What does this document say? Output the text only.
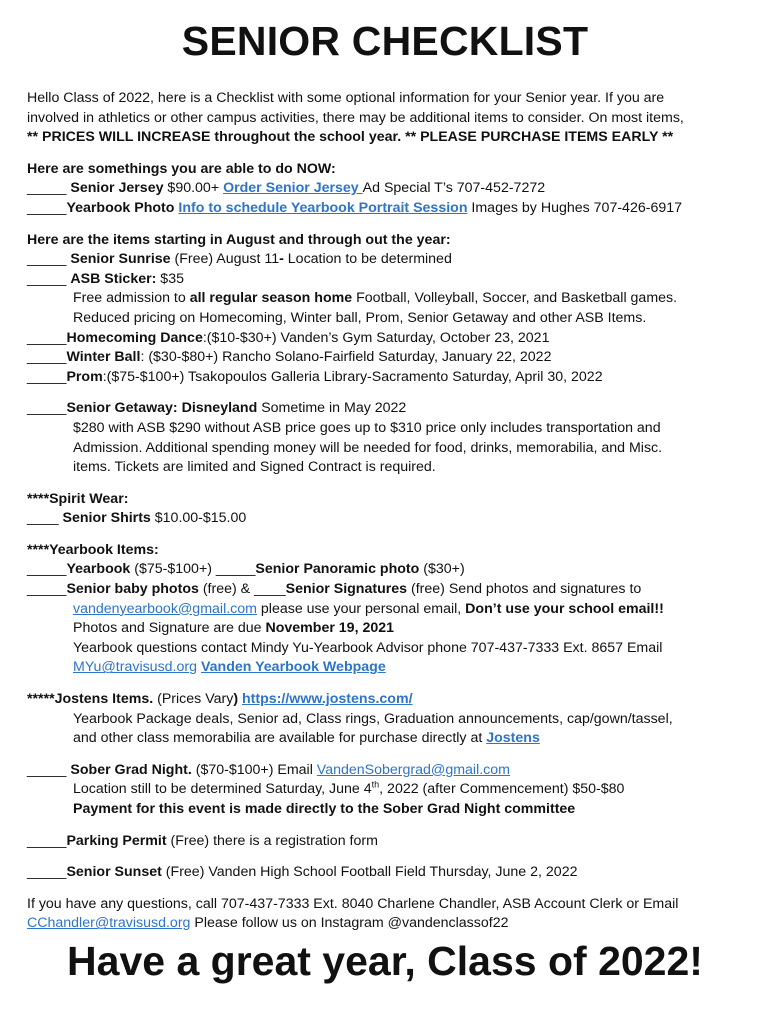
SENIOR CHECKLIST
Hello Class of 2022, here is a Checklist with some optional information for your Senior year. If you are
involved in athletics or other campus activities, there may be additional items to consider. On most items,
** PRICES WILL INCREASE throughout the school year. ** PLEASE PURCHASE ITEMS EARLY **
Here are somethings you are able to do NOW:
_____ Senior Jersey $90.00+ Order Senior Jersey Ad Special T’s 707-452-7272
_____Yearbook Photo Info to schedule Yearbook Portrait Session Images by Hughes 707-426-6917
Here are the items starting in August and through out the year:
_____ Senior Sunrise (Free) August 11- Location to be determined
_____ ASB Sticker: $35
Free admission to all regular season home Football, Volleyball, Soccer, and Basketball games.
Reduced pricing on Homecoming, Winter ball, Prom, Senior Getaway and other ASB Items.
_____Homecoming Dance:($10-$30+) Vanden’s Gym Saturday, October 23, 2021
_____Winter Ball: ($30-$80+) Rancho Solano-Fairfield Saturday, January 22, 2022
_____Prom:($75-$100+) Tsakopoulos Galleria Library-Sacramento Saturday, April 30, 2022
_____Senior Getaway: Disneyland Sometime in May 2022
$280 with ASB $290 without ASB price goes up to $310 price only includes transportation and
Admission. Additional spending money will be needed for food, drinks, memorabilia, and Misc.
items. Tickets are limited and Signed Contract is required.
****Spirit Wear:
____ Senior Shirts $10.00-$15.00
****Yearbook Items:
_____Yearbook ($75-$100+) _____Senior Panoramic photo ($30+)
_____Senior baby photos (free) & ____Senior Signatures (free) Send photos and signatures to
vandenyearbook@gmail.com please use your personal email, Don’t use your school email!!
Photos and Signature are due November 19, 2021
Yearbook questions contact Mindy Yu-Yearbook Advisor phone 707-437-7333 Ext. 8657 Email
MYu@travisusd.org Vanden Yearbook Webpage
*****Jostens Items. (Prices Vary) https://www.jostens.com/
Yearbook Package deals, Senior ad, Class rings, Graduation announcements, cap/gown/tassel,
and other class memorabilia are available for purchase directly at Jostens
_____ Sober Grad Night. ($70-$100+) Email VandenSobergrad@gmail.com
Location still to be determined Saturday, June 4th, 2022 (after Commencement) $50-$80
Payment for this event is made directly to the Sober Grad Night committee
_____Parking Permit (Free) there is a registration form
_____Senior Sunset (Free) Vanden High School Football Field Thursday, June 2, 2022
If you have any questions, call 707-437-7333 Ext. 8040 Charlene Chandler, ASB Account Clerk or Email
CChandler@travisusd.org Please follow us on Instagram @vandenclassof22
Have a great year, Class of 2022!
